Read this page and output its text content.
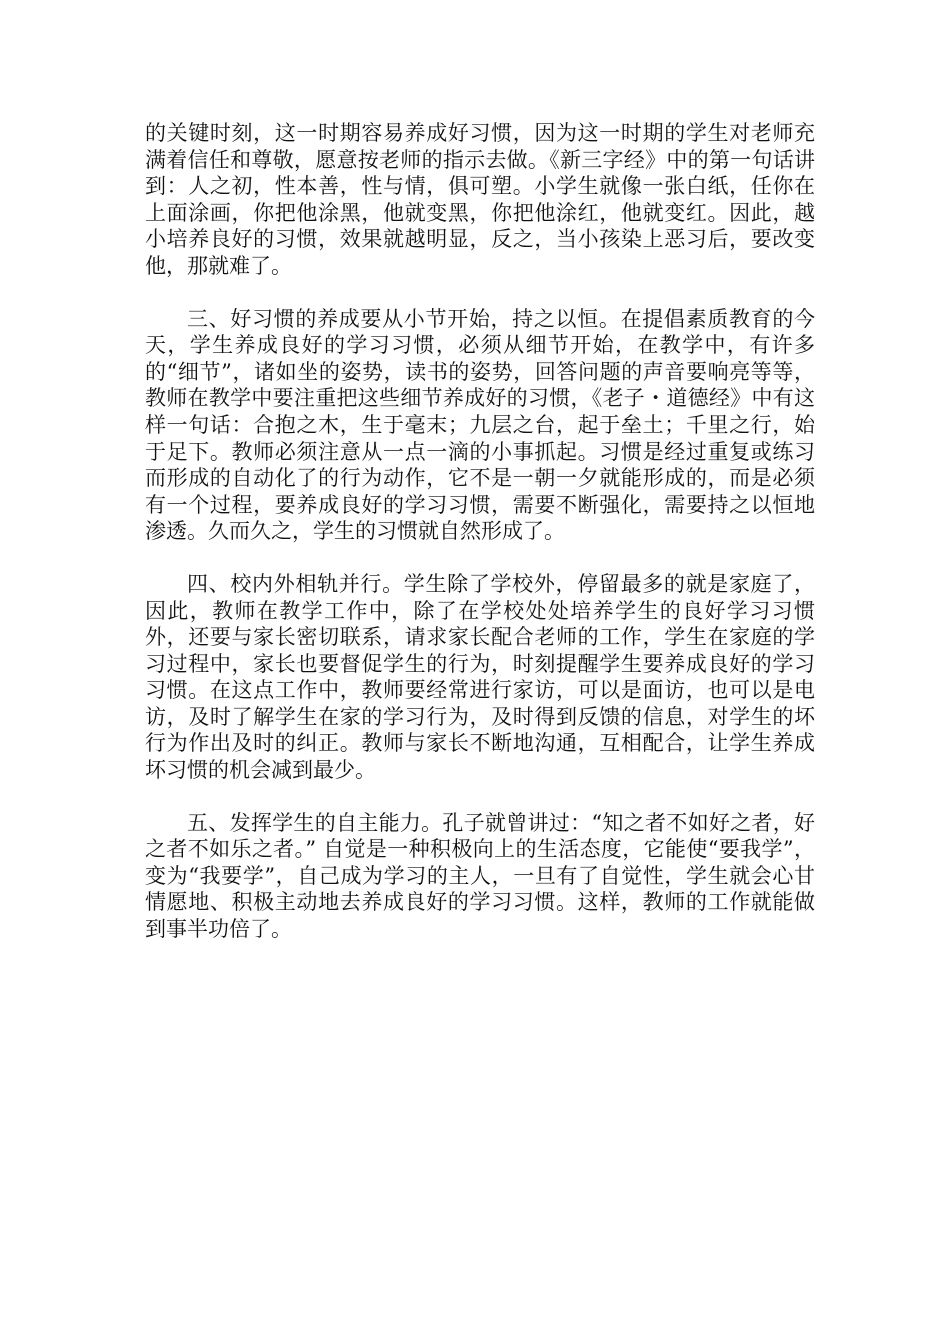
的关键时刻，这一时期容易养成好习惯，因为这一时期的学生对老师充满着信任和尊敬，愿意按老师的指示去做。《新三字经》中的第一句话讲到：人之初，性本善，性与情，俱可塑。小学生就像一张白纸，任你在上面涂画，你把他涂黑，他就变黑，你把他涂红，他就变红。因此，越小培养良好的习惯，效果就越明显，反之，当小孩染上恶习后，要改变他，那就难了。

三、好习惯的养成要从小节开始，持之以恒。在提倡素质教育的今天，学生养成良好的学习习惯，必须从细节开始，在教学中，有许多的“细节”，诸如坐的姿势，读书的姿势，回答问题的声音要响亮等等，教师在教学中要注重把这些细节养成好的习惯，《老子・道德经》中有这样一句话：合抱之木，生于毫末；九层之台，起于垒土；千里之行，始于足下。教师必须注意从一点一滴的小事抓起。习惯是经过重复或练习而形成的自动化了的行为动作，它不是一朝一夕就能形成的，而是必须有一个过程，要养成良好的学习习惯，需要不断强化，需要持之以恒地渗透。久而久之，学生的习惯就自然形成了。

四、校内外相轨并行。学生除了学校外，停留最多的就是家庭了，因此，教师在教学工作中，除了在学校处处培养学生的良好学习习惯外，还要与家长密切联系，请求家长配合老师的工作，学生在家庭的学习过程中，家长也要督促学生的行为，时刻提醒学生要养成良好的学习习惯。在这点工作中，教师要经常进行家访，可以是面访，也可以是电访，及时了解学生在家的学习行为，及时得到反馈的信息，对学生的坏行为作出及时的纠正。教师与家长不断地沟通，互相配合，让学生养成坏习惯的机会减到最少。

五、发挥学生的自主能力。孔子就曾讲过：“知之者不如好之者，好之者不如乐之者。” 自觉是一种积极向上的生活态度，它能使“要我学”，变为“我要学”，自己成为学习的主人，一旦有了自觉性，学生就会心甘情愿地、积极主动地去养成良好的学习习惯。这样，教师的工作就能做到事半功倍了。
